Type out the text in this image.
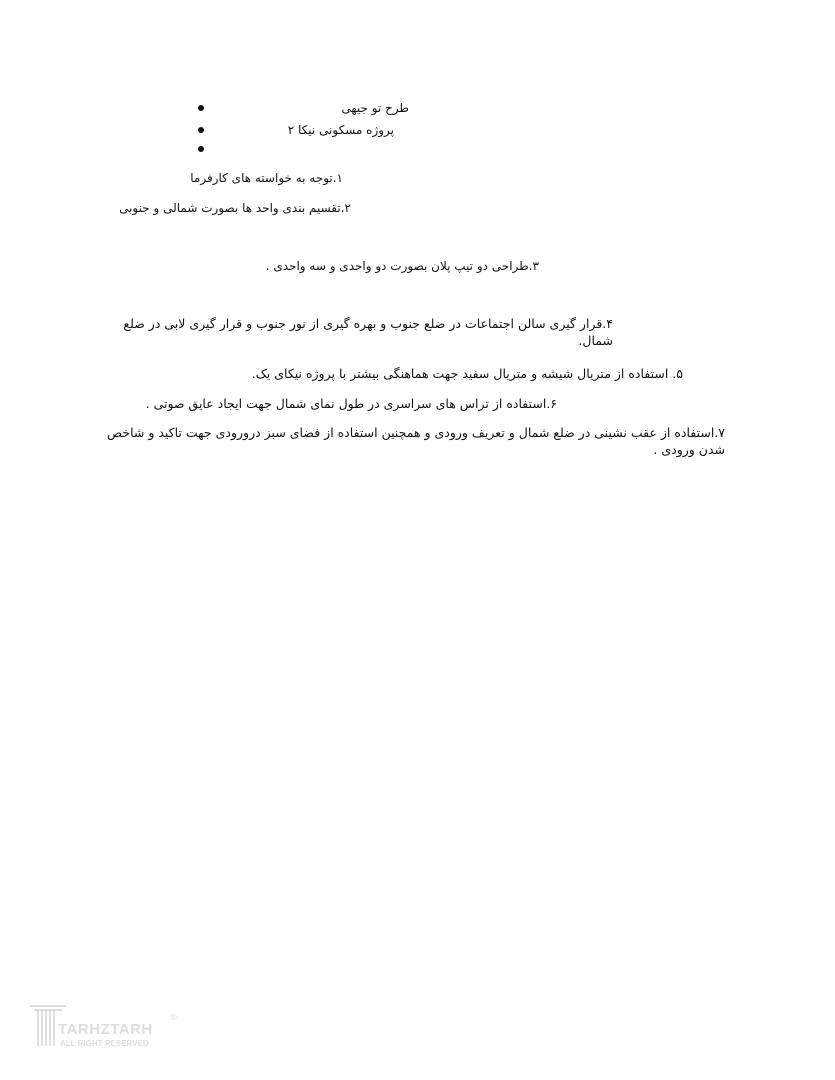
طرح تو جیهی
پروژه مسکونی نیکا ۲
۱.توجه به خواسته های کارفرما
۲.تقسیم بندی واحد ها بصورت شمالی و جنوبی
۳.طراحی دو تیپ پلان بصورت دو واحدی و سه واحدی .
۴.قرار گیری سالن اجتماعات در ضلع جنوب و بهره گیری از نور جنوب و قرار گیری لابی در ضلع شمال.
۵. استفاده از متریال شیشه و متریال سفید جهت هماهنگی بیشتر با پروژه نیکای یک.
۶.استفاده از تراس های سراسری در طول نمای شمال جهت ایجاد عایق صوتی .
۷.استفاده از عقب نشینی در ضلع شمال و تعریف ورودی و همچنین استفاده از فضای سبز درورودی جهت تاکید و شاخص شدن ورودی .
TARHZTARH
ALL RIGHT RESERVED
®
